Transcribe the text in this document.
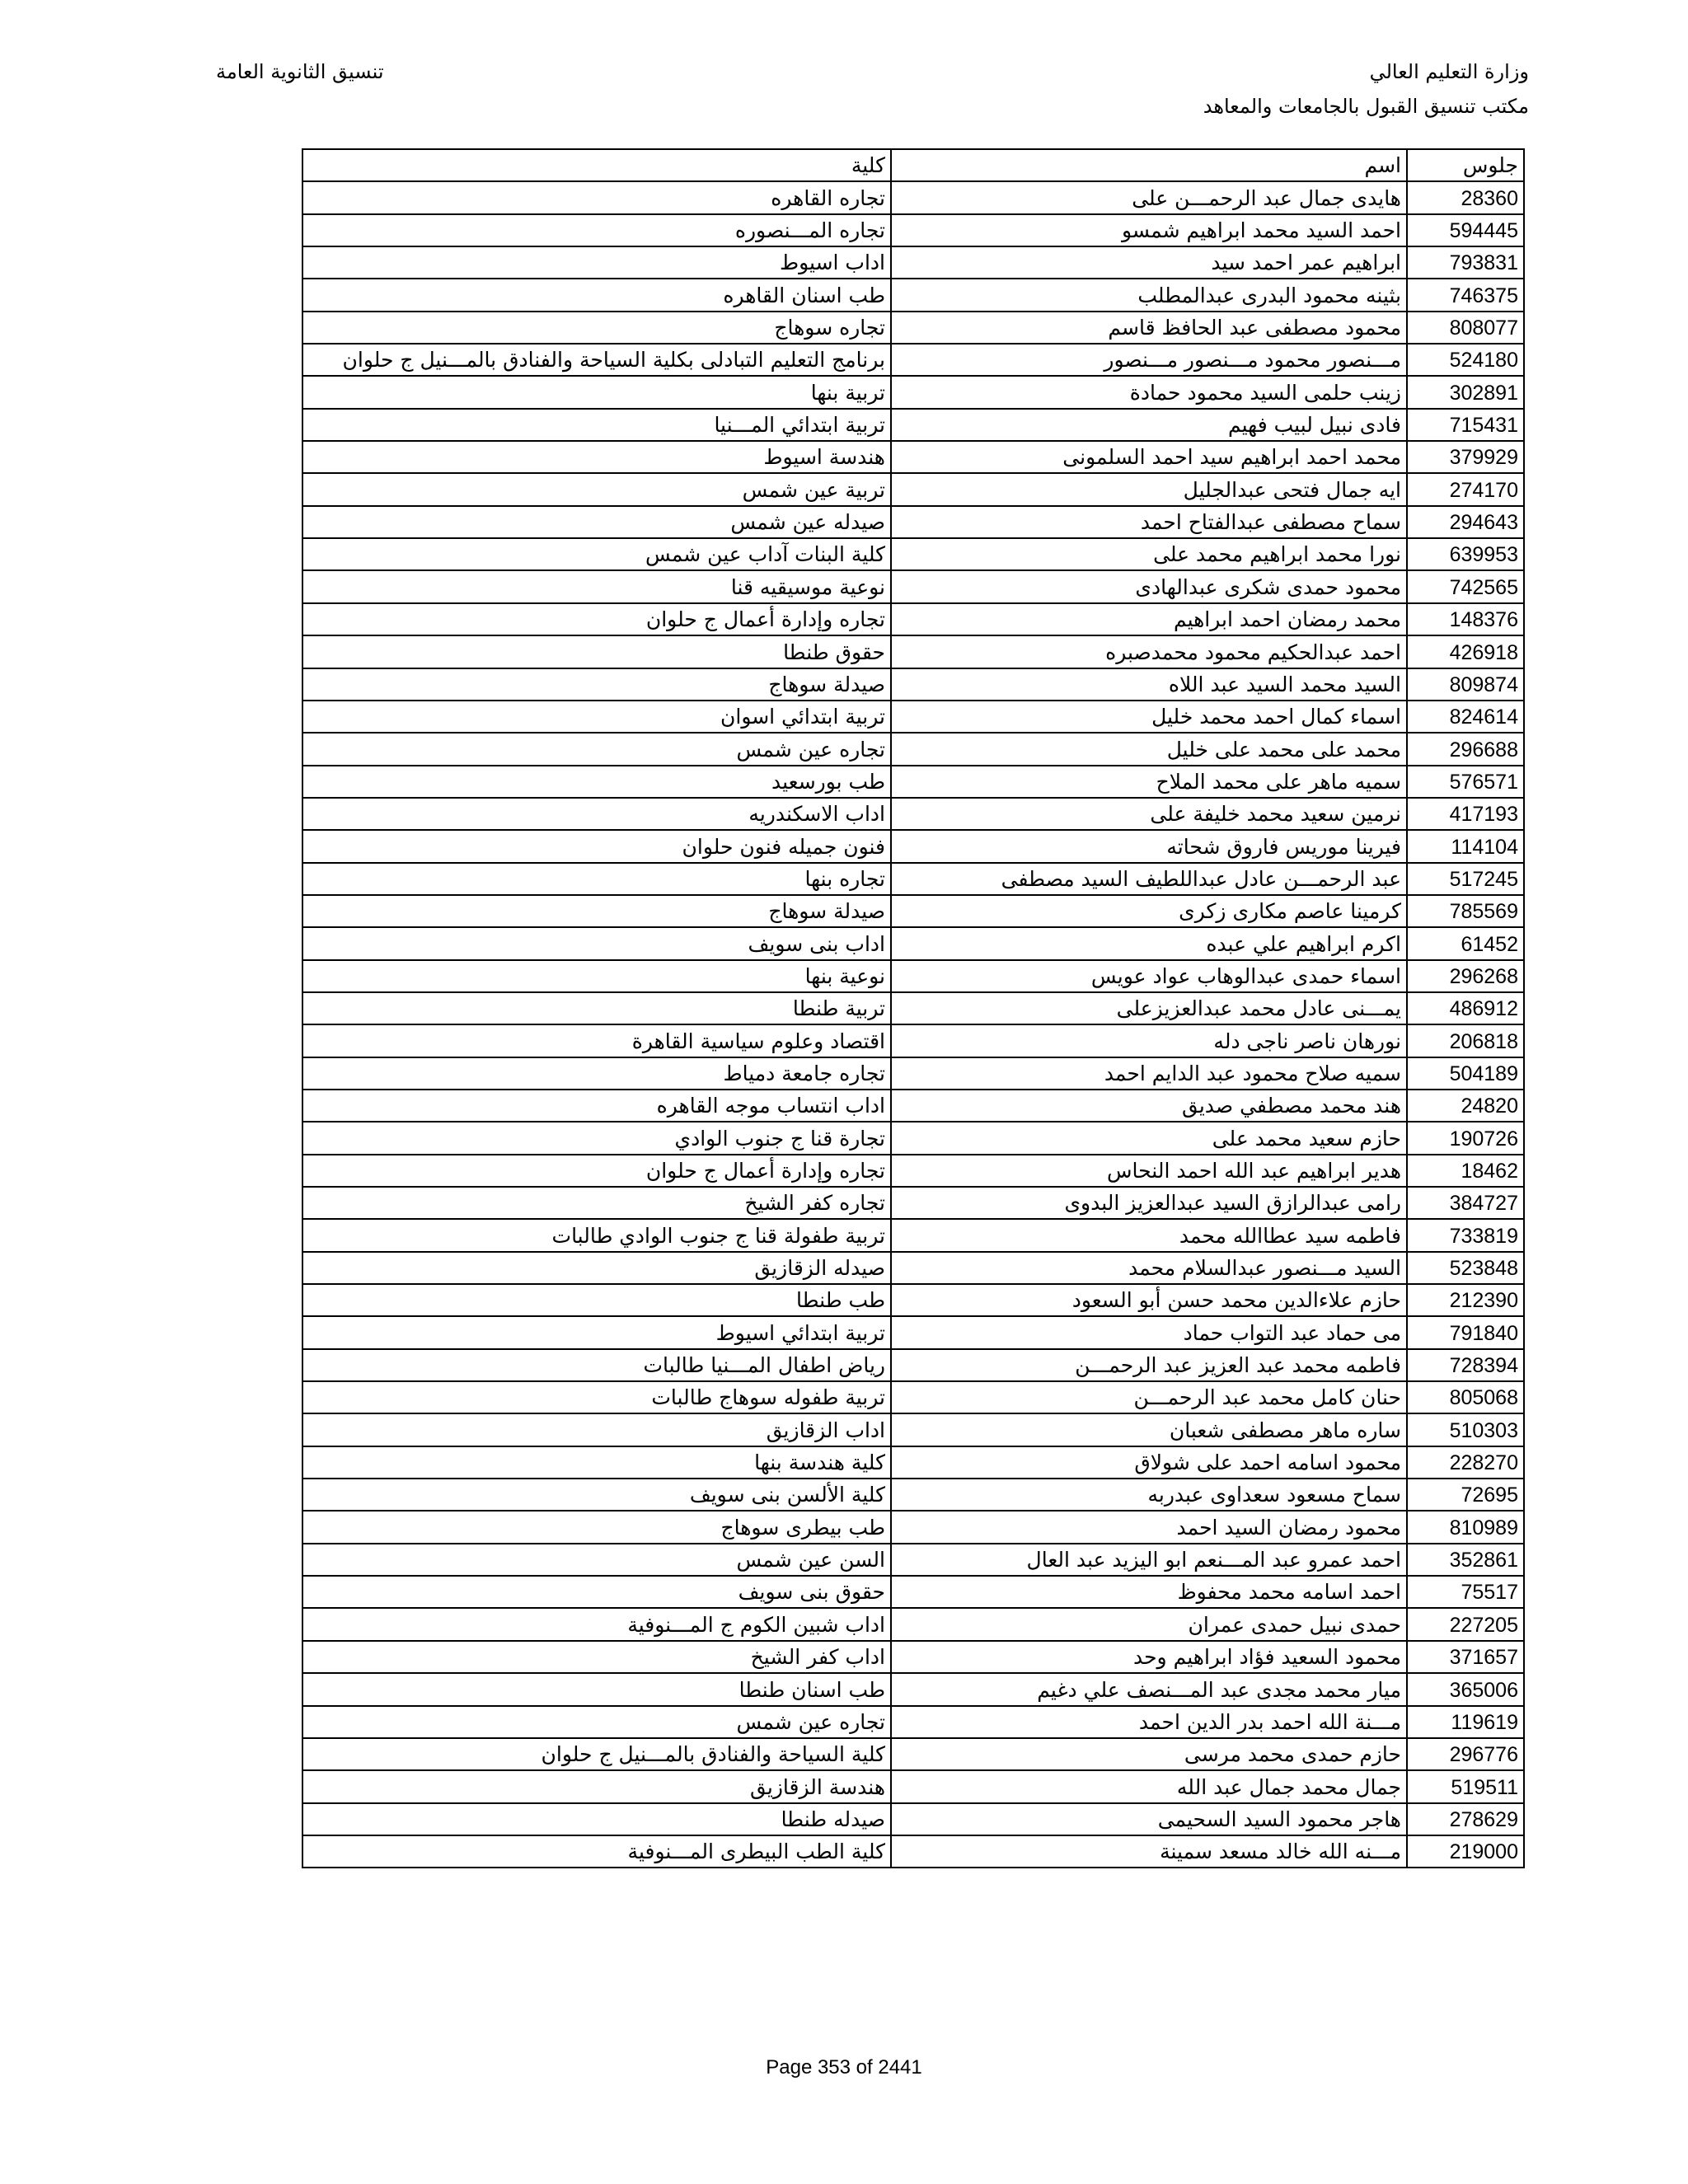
وزارة التعليم العالي
مكتب تنسيق القبول بالجامعات والمعاهد
تنسيق الثانوية العامة
جلوس	اسم	كلية
28360	هايدى جمال عبد الرحمـــن على	تجاره القاهره
594445	احمد السيد محمد ابراهيم شمسو	تجاره المـــنصوره
793831	ابراهيم عمر احمد سيد	اداب اسيوط
746375	بثينه محمود البدرى عبدالمطلب	طب اسنان القاهره
808077	محمود مصطفى عبد الحافظ قاسم	تجاره سوهاج
524180	مـــنصور محمود مـــنصور مـــنصور	برنامج التعليم التبادلى بكلية السياحة والفنادق بالمـــنيل ج حلوان
302891	زينب حلمى السيد محمود حمادة	تربية بنها
715431	فادى نبيل لبيب فهيم	تربية ابتدائي المـــنيا
379929	محمد احمد ابراهيم سيد احمد السلمونى	هندسة اسيوط
274170	ايه جمال فتحى عبدالجليل	تربية عين شمس
294643	سماح مصطفى عبدالفتاح احمد	صيدله عين شمس
639953	نورا محمد ابراهيم محمد على	كلية البنات آداب عين شمس
742565	محمود حمدى شكرى عبدالهادى	نوعية موسيقيه قنا
148376	محمد رمضان احمد ابراهيم	تجاره وإدارة أعمال ج حلوان
426918	احمد عبدالحكيم محمود محمدصبره	حقوق طنطا
809874	السيد محمد السيد عبد اللاه	صيدلة سوهاج
824614	اسماء كمال احمد محمد خليل	تربية ابتدائي اسوان
296688	محمد على محمد على خليل	تجاره عين شمس
576571	سميه ماهر على محمد الملاح	طب بورسعيد
417193	نرمين سعيد محمد خليفة على	اداب الاسكندريه
114104	فيرينا موريس فاروق شحاته	فنون جميله فنون حلوان
517245	عبد الرحمـــن عادل عبداللطيف السيد مصطفى	تجاره بنها
785569	كرمينا عاصم مكارى زكرى	صيدلة سوهاج
61452	اكرم ابراهيم علي عبده	اداب بنى سويف
296268	اسماء حمدى عبدالوهاب عواد عويس	نوعية بنها
486912	يمـــنى عادل محمد عبدالعزيزعلى	تربية طنطا
206818	نورهان ناصر ناجى دله	اقتصاد وعلوم سياسية القاهرة
504189	سميه صلاح محمود عبد الدايم احمد	تجاره جامعة دمياط
24820	هند محمد مصطفي صديق	اداب انتساب موجه القاهره
190726	حازم سعيد محمد على	تجارة قنا ج جنوب الوادي
18462	هدير ابراهيم عبد الله احمد النحاس	تجاره وإدارة أعمال ج حلوان
384727	رامى عبدالرازق السيد عبدالعزيز البدوى	تجاره كفر الشيخ
733819	فاطمه سيد عطاالله محمد	تربية طفولة قنا ج جنوب الوادي طالبات
523848	السيد مـــنصور عبدالسلام محمد	صيدله الزقازيق
212390	حازم علاءالدين محمد حسن أبو السعود	طب طنطا
791840	مى حماد عبد التواب حماد	تربية ابتدائي اسيوط
728394	فاطمه محمد عبد العزيز عبد الرحمـــن	رياض اطفال المـــنيا طالبات
805068	حنان كامل محمد عبد الرحمـــن	تربية طفوله سوهاج طالبات
510303	ساره ماهر مصطفى شعبان	اداب الزقازيق
228270	محمود اسامه احمد على شولاق	كلية هندسة بنها
72695	سماح مسعود سعداوى عبدربه	كلية الألسن بنى سويف
810989	محمود رمضان السيد احمد	طب بيطرى سوهاج
352861	احمد عمرو عبد المـــنعم ابو اليزيد عبد العال	السن عين شمس
75517	احمد اسامه محمد محفوظ	حقوق بنى سويف
227205	حمدى نبيل حمدى عمران	اداب شبين الكوم ج المـــنوفية
371657	محمود السعيد فؤاد ابراهيم وحد	اداب كفر الشيخ
365006	ميار محمد مجدى عبد المـــنصف علي دغيم	طب اسنان طنطا
119619	مـــنة الله احمد بدر الدين احمد	تجاره عين شمس
296776	حازم حمدى محمد مرسى	كلية السياحة والفنادق بالمـــنيل ج حلوان
519511	جمال محمد جمال عبد الله	هندسة الزقازيق
278629	هاجر محمود السيد السحيمى	صيدله طنطا
219000	مـــنه الله خالد مسعد سمينة	كلية الطب البيطرى المـــنوفية
Page 353 of 2441
